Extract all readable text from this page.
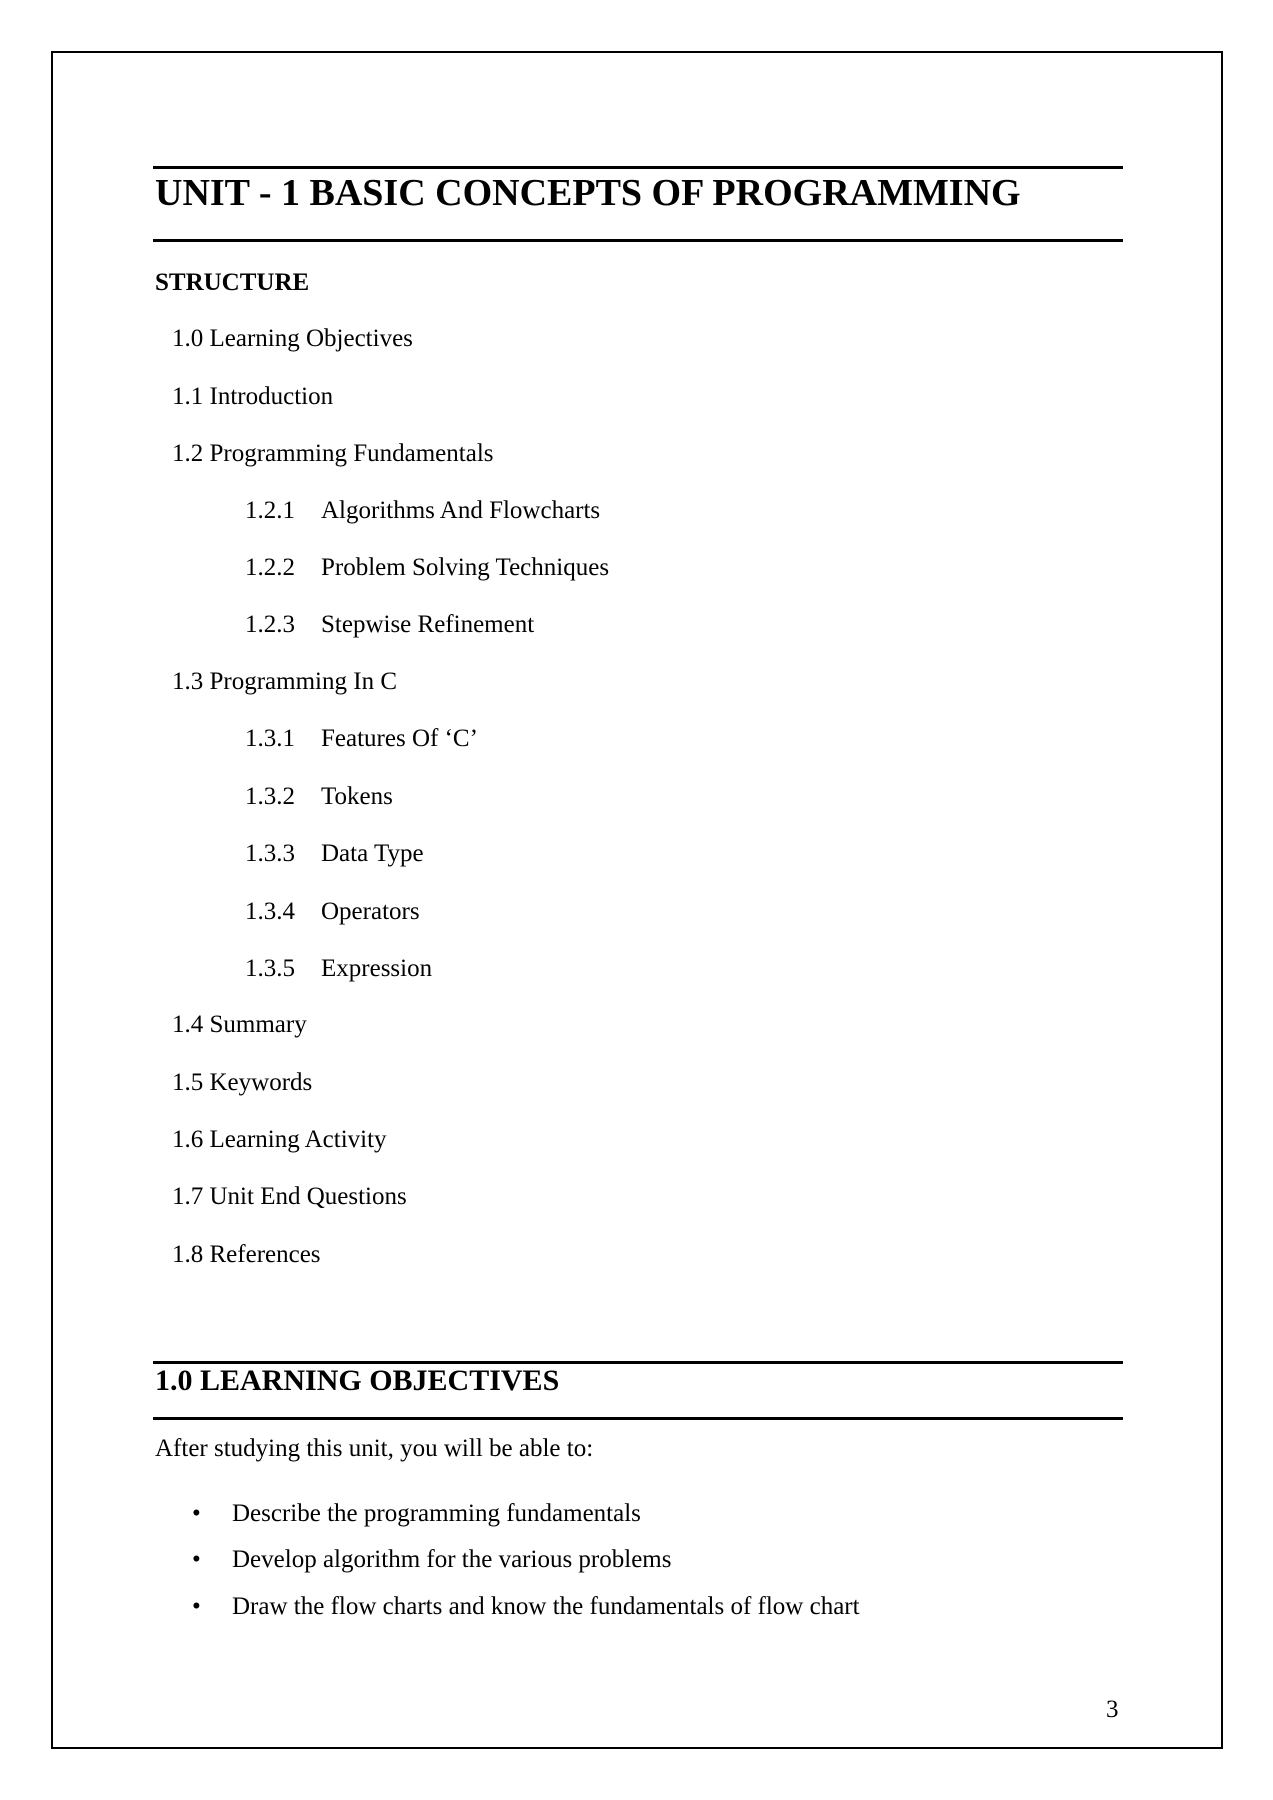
UNIT - 1 BASIC CONCEPTS OF PROGRAMMING
STRUCTURE
1.0 Learning Objectives
1.1 Introduction
1.2 Programming Fundamentals
1.2.1 Algorithms And Flowcharts
1.2.2 Problem Solving Techniques
1.2.3 Stepwise Refinement
1.3 Programming In C
1.3.1 Features Of ‘C’
1.3.2 Tokens
1.3.3 Data Type
1.3.4 Operators
1.3.5 Expression
1.4 Summary
1.5 Keywords
1.6 Learning Activity
1.7 Unit End Questions
1.8 References
1.0 LEARNING OBJECTIVES
After studying this unit, you will be able to:
• Describe the programming fundamentals
• Develop algorithm for the various problems
• Draw the flow charts and know the fundamentals of flow chart
3
